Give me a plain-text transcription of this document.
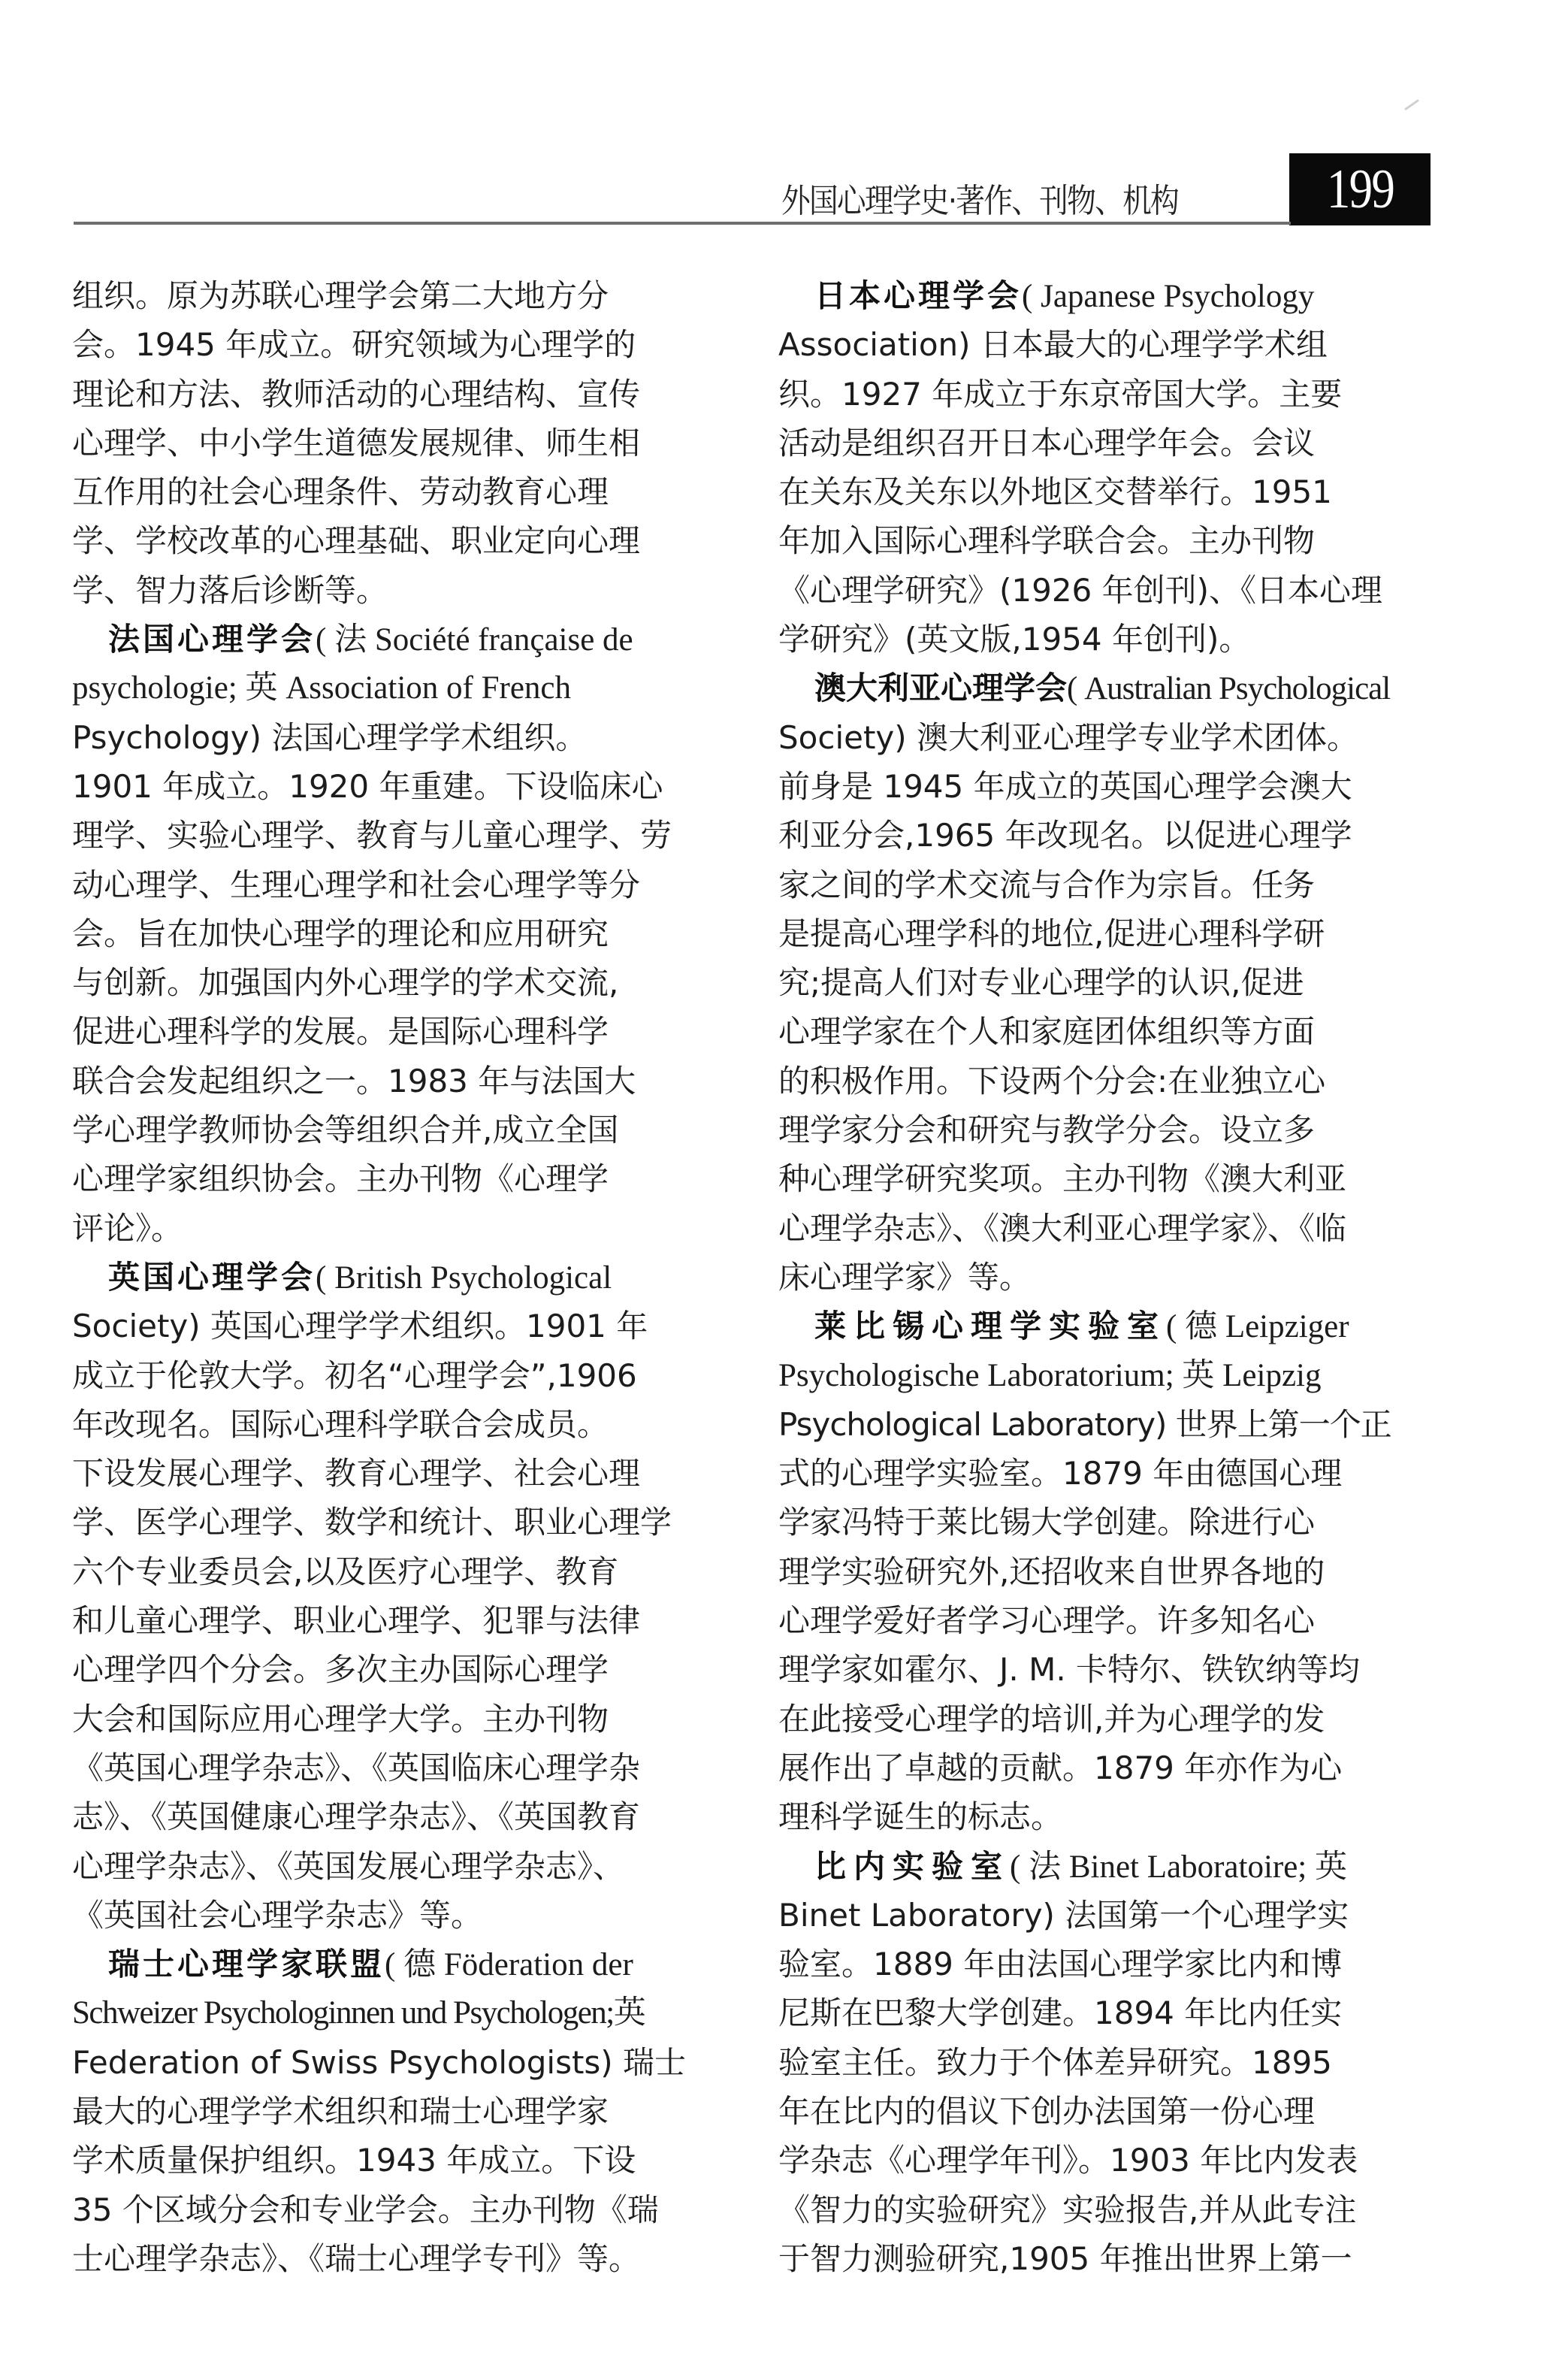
外国心理学史·著作、刊物、机构	199
组织。原为苏联心理学会第二大地方分
会。1945 年成立。研究领域为心理学的
理论和方法、教师活动的心理结构、宣传
心理学、中小学生道德发展规律、师生相
互作用的社会心理条件、劳动教育心理
学、学校改革的心理基础、职业定向心理
学、智力落后诊断等。
法国心理学会( 法 Société française de
psychologie; 英 Association of French
Psychology) 法国心理学学术组织。
1901 年成立。1920 年重建。下设临床心
理学、实验心理学、教育与儿童心理学、劳
动心理学、生理心理学和社会心理学等分
会。旨在加快心理学的理论和应用研究
与创新。加强国内外心理学的学术交流,
促进心理科学的发展。是国际心理科学
联合会发起组织之一。1983 年与法国大
学心理学教师协会等组织合并,成立全国
心理学家组织协会。主办刊物《心理学
评论》。
英国心理学会( British Psychological
Society) 英国心理学学术组织。1901 年
成立于伦敦大学。初名“心理学会”,1906
年改现名。国际心理科学联合会成员。
下设发展心理学、教育心理学、社会心理
学、医学心理学、数学和统计、职业心理学
六个专业委员会,以及医疗心理学、教育
和儿童心理学、职业心理学、犯罪与法律
心理学四个分会。多次主办国际心理学
大会和国际应用心理学大学。主办刊物
《英国心理学杂志》、《英国临床心理学杂
志》、《英国健康心理学杂志》、《英国教育
心理学杂志》、《英国发展心理学杂志》、
《英国社会心理学杂志》等。
瑞士心理学家联盟( 德 Föderation der
Schweizer Psychologinnen und Psychologen;英
Federation of Swiss Psychologists) 瑞士
最大的心理学学术组织和瑞士心理学家
学术质量保护组织。1943 年成立。下设
35 个区域分会和专业学会。主办刊物《瑞
士心理学杂志》、《瑞士心理学专刊》等。
日本心理学会( Japanese Psychology
Association) 日本最大的心理学学术组
织。1927 年成立于东京帝国大学。主要
活动是组织召开日本心理学年会。会议
在关东及关东以外地区交替举行。1951
年加入国际心理科学联合会。主办刊物
《心理学研究》(1926 年创刊)、《日本心理
学研究》(英文版,1954 年创刊)。
澳大利亚心理学会( Australian Psychological
Society) 澳大利亚心理学专业学术团体。
前身是 1945 年成立的英国心理学会澳大
利亚分会,1965 年改现名。以促进心理学
家之间的学术交流与合作为宗旨。任务
是提高心理学科的地位,促进心理科学研
究;提高人们对专业心理学的认识,促进
心理学家在个人和家庭团体组织等方面
的积极作用。下设两个分会:在业独立心
理学家分会和研究与教学分会。设立多
种心理学研究奖项。主办刊物《澳大利亚
心理学杂志》、《澳大利亚心理学家》、《临
床心理学家》等。
莱比锡心理学实验室( 德 Leipziger
Psychologische Laboratorium; 英 Leipzig
Psychological Laboratory) 世界上第一个正
式的心理学实验室。1879 年由德国心理
学家冯特于莱比锡大学创建。除进行心
理学实验研究外,还招收来自世界各地的
心理学爱好者学习心理学。许多知名心
理学家如霍尔、J. M. 卡特尔、铁钦纳等均
在此接受心理学的培训,并为心理学的发
展作出了卓越的贡献。1879 年亦作为心
理科学诞生的标志。
比内实验室( 法 Binet Laboratoire; 英
Binet Laboratory) 法国第一个心理学实
验室。1889 年由法国心理学家比内和博
尼斯在巴黎大学创建。1894 年比内任实
验室主任。致力于个体差异研究。1895
年在比内的倡议下创办法国第一份心理
学杂志《心理学年刊》。1903 年比内发表
《智力的实验研究》实验报告,并从此专注
于智力测验研究,1905 年推出世界上第一
